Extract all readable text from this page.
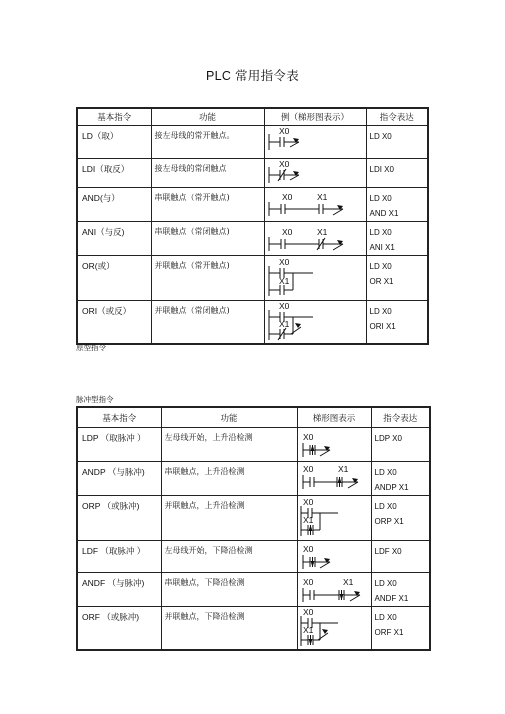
PLC 常用指令表
基本指令	功能	例（梯形图表示）	指令表达
LD（取）	接左母线的常开触点。	X0	LD X0

LDI（取反）	接左母线的常闭触点	X0	LDI X0

AND(与）	串联触点（常开触点)	X0 X1	LD X0
AND X1

ANI（与反)	串联触点（常闭触点)	X0 X1	LD X0
ANI X1

OR(或）	并联触点（常开触点)	X0
X1	LD X0
OR X1

ORI（或反）	并联触点（常闭触点)	X0
X1	LD X0
ORI X1
原型指令
脉冲型指令
基本指令	功能	梯形图表示	指令表达
LDP （取脉冲 ）	左母线开始，上升沿检测	X0	LDP X0

ANDP （与脉冲)	串联触点，上升沿检测	X0 X1	LD X0
ANDP X1

ORP （或脉冲)	并联触点，上升沿检测	X0
X1	LD X0
ORP X1

LDF （取脉冲 ）	左母线开始，下降沿检测	X0	LDF X0

ANDF （与脉冲)	串联触点，下降沿检测	X0 X1	LD X0
ANDF X1

ORF （或脉冲)	并联触点，下降沿检测	X0
X1	LD X0
ORF X1
